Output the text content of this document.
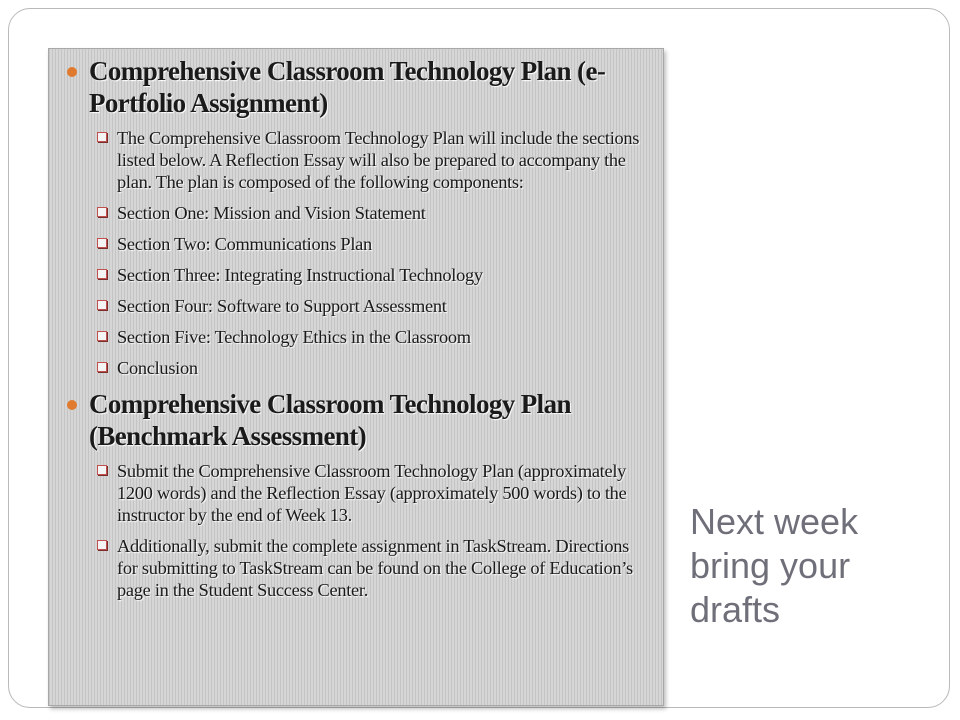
Comprehensive Classroom Technology Plan (e-Portfolio Assignment)
The Comprehensive Classroom Technology Plan will include the sections listed below. A Reflection Essay will also be prepared to accompany the plan. The plan is composed of the following components:
Section One: Mission and Vision Statement
Section Two: Communications Plan
Section Three: Integrating Instructional Technology
Section Four: Software to Support Assessment
Section Five: Technology Ethics in the Classroom
Conclusion
Comprehensive Classroom Technology Plan (Benchmark Assessment)
Submit the Comprehensive Classroom Technology Plan (approximately 1200 words) and the Reflection Essay (approximately 500 words) to the instructor by the end of Week 13.
Additionally, submit the complete assignment in TaskStream. Directions for submitting to TaskStream can be found on the College of Education’s page in the Student Success Center.
Next week bring your drafts
